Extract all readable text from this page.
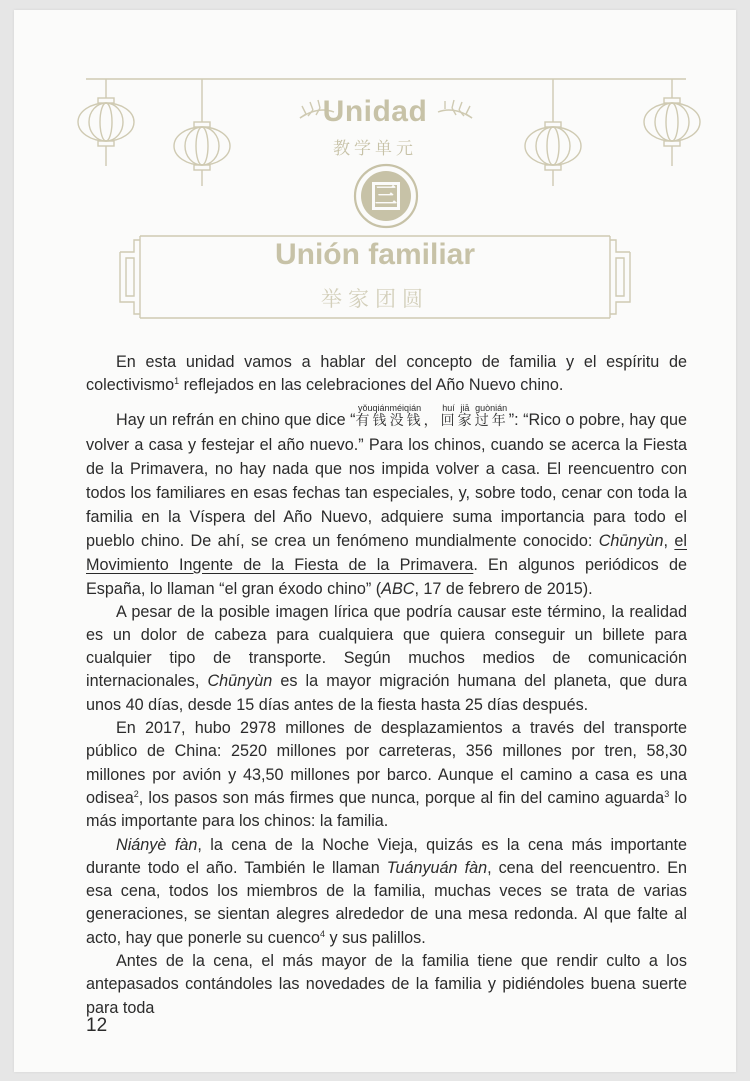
Unidad
教学单元
三
Unión familiar
举家团圆

En esta unidad vamos a hablar del concepto de familia y el espíritu de colectivismo$^1$ reflejados en las celebraciones del Año Nuevo chino.

Hay un refrán en chino que dice “有钱没钱yǒuqiánméiqián，回家过年huí jiā guònián”: “Rico o pobre, hay que volver a casa y festejar el año nuevo.” Para los chinos, cuando se acerca la Fiesta de la Primavera, no hay nada que nos impida volver a casa. El reencuentro con todos los familiares en esas fechas tan especiales, y, sobre todo, cenar con toda la familia en la Víspera del Año Nuevo, adquiere suma importancia para todo el pueblo chino. De ahí, se crea un fenómeno mundialmente conocido: Chūnyùn, el Movimiento Ingente de la Fiesta de la Primavera. En algunos periódicos de España, lo llaman “el gran éxodo chino” (ABC, 17 de febrero de 2015).

A pesar de la posible imagen lírica que podría causar este término, la realidad es un dolor de cabeza para cualquiera que quiera conseguir un billete para cualquier tipo de transporte. Según muchos medios de comunicación internacionales, Chūnyùn es la mayor migración humana del planeta, que dura unos 40 días, desde 15 días antes de la fiesta hasta 25 días después.

En 2017, hubo 2978 millones de desplazamientos a través del transporte público de China: 2520 millones por carreteras, 356 millones por tren, 58,30 millones por avión y 43,50 millones por barco. Aunque el camino a casa es una odisea$^2$, los pasos son más firmes que nunca, porque al fin del camino aguarda$^3$ lo más importante para los chinos: la familia.

Niányè fàn, la cena de la Noche Vieja, quizás es la cena más importante durante todo el año. También le llaman Tuányuán fàn, cena del reencuentro. En esa cena, todos los miembros de la familia, muchas veces se trata de varias generaciones, se sientan alegres alrededor de una mesa redonda. Al que falte al acto, hay que ponerle su cuenco$^4$ y sus palillos.

Antes de la cena, el más mayor de la familia tiene que rendir culto a los antepasados contándoles las novedades de la familia y pidiéndoles buena suerte para toda

12
